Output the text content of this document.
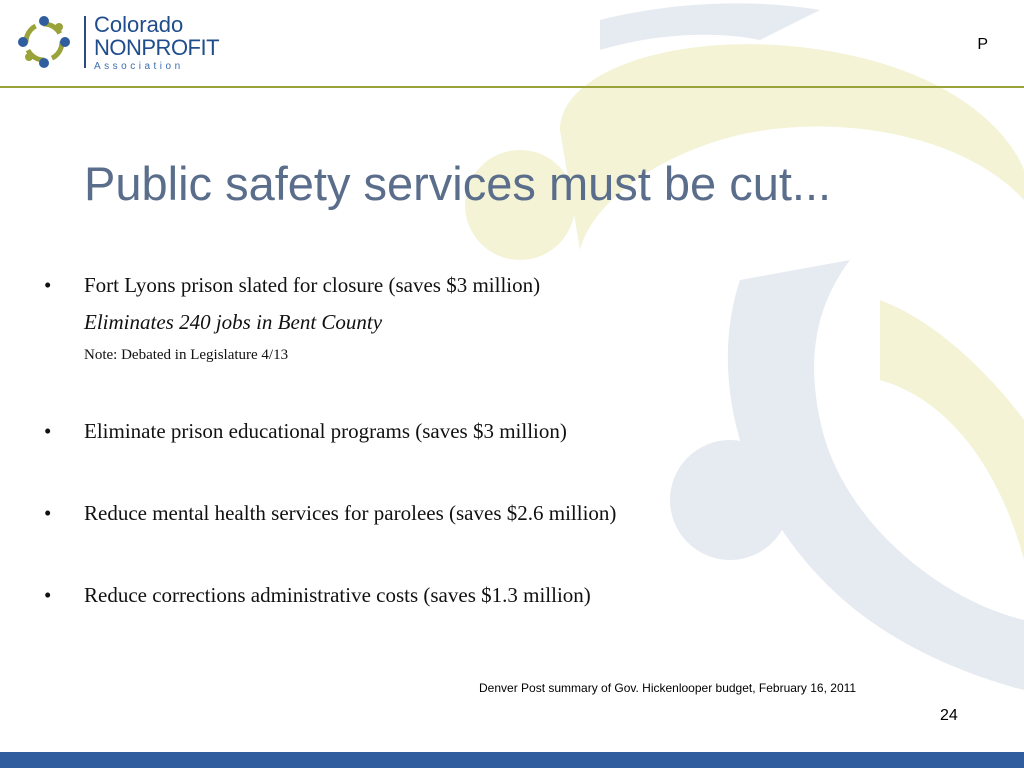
Colorado
NONPROFIT
Association
P
Public safety services must be cut...
•	Fort Lyons prison slated for closure (saves $3 million)
Eliminates 240 jobs in Bent County
Note: Debated in Legislature 4/13
•	Eliminate prison educational programs (saves $3 million)
•	Reduce mental health services for parolees (saves $2.6 million)
•	Reduce corrections administrative costs (saves $1.3 million)
Denver Post summary of Gov. Hickenlooper budget, February 16, 2011
24
